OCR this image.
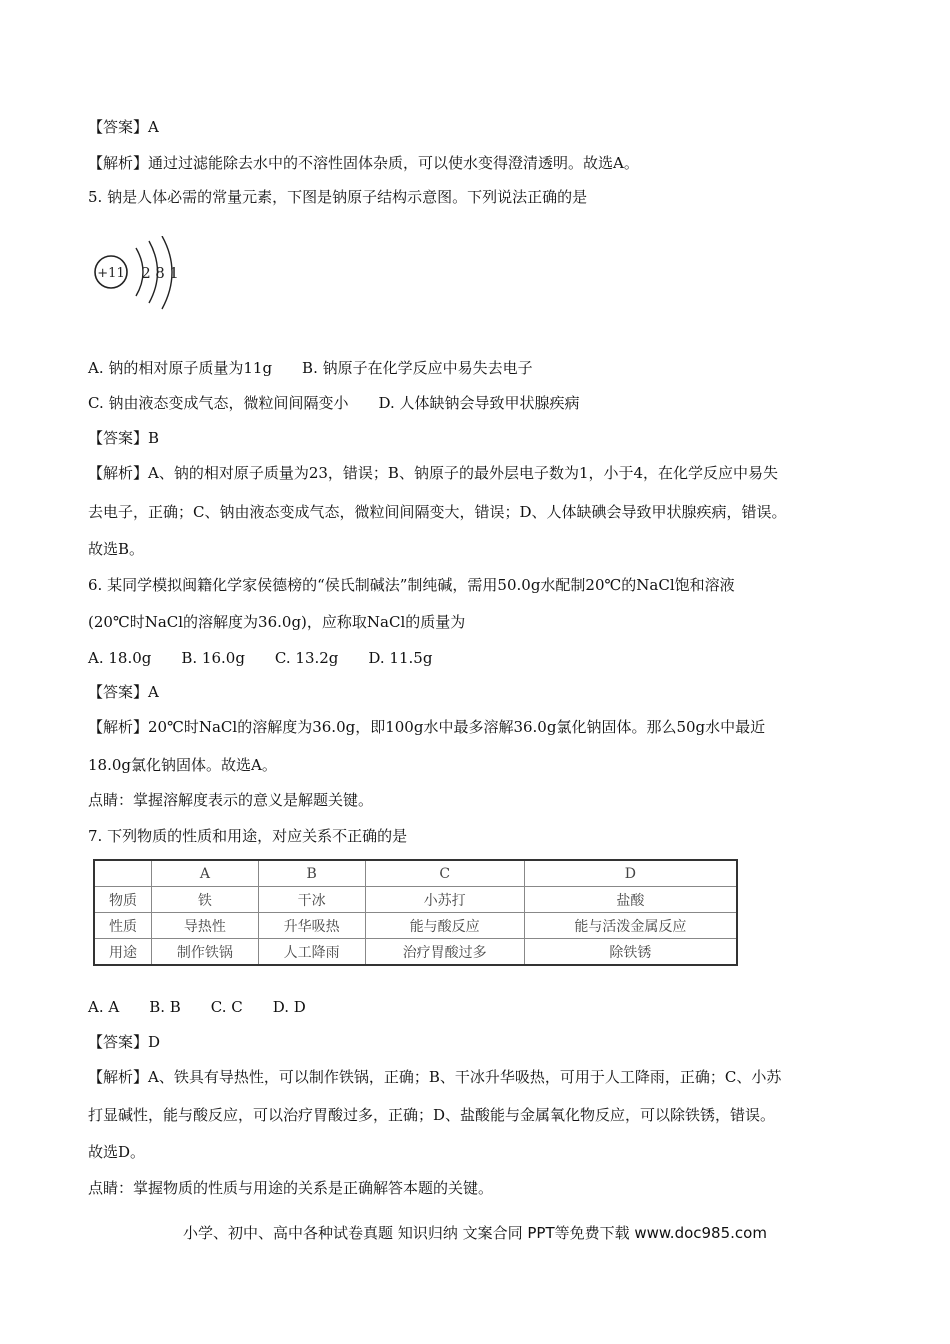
【答案】A
【解析】通过过滤能除去水中的不溶性固体杂质，可以使水变得澄清透明。故选A。
5. 钠是人体必需的常量元素，下图是钠原子结构示意图。下列说法正确的是
+11 2 8 1
A. 钠的相对原子质量为11g　　B. 钠原子在化学反应中易失去电子
C. 钠由液态变成气态，微粒间间隔变小　　D. 人体缺钠会导致甲状腺疾病
【答案】B
【解析】A、钠的相对原子质量为23，错误；B、钠原子的最外层电子数为1，小于4，在化学反应中易失
去电子，正确；C、钠由液态变成气态，微粒间间隔变大，错误；D、人体缺碘会导致甲状腺疾病，错误。
故选B。
6. 某同学模拟闽籍化学家侯德榜的“侯氏制碱法”制纯碱，需用50.0g水配制20℃的NaCl饱和溶液
(20℃时NaCl的溶解度为36.0g)，应称取NaCl的质量为
A. 18.0g　　B. 16.0g　　C. 13.2g　　D. 11.5g
【答案】A
【解析】20℃时NaCl的溶解度为36.0g，即100g水中最多溶解36.0g氯化钠固体。那么50g水中最近
18.0g氯化钠固体。故选A。
点睛：掌握溶解度表示的意义是解题关键。
7. 下列物质的性质和用途，对应关系不正确的是
	A	B	C	D
物质	铁	干冰	小苏打	盐酸
性质	导热性	升华吸热	能与酸反应	能与活泼金属反应
用途	制作铁锅	人工降雨	治疗胃酸过多	除铁锈
A. A　　B. B　　C. C　　D. D
【答案】D
【解析】A、铁具有导热性，可以制作铁锅，正确；B、干冰升华吸热，可用于人工降雨，正确；C、小苏
打显碱性，能与酸反应，可以治疗胃酸过多，正确；D、盐酸能与金属氧化物反应，可以除铁锈，错误。
故选D。
点睛：掌握物质的性质与用途的关系是正确解答本题的关键。
小学、初中、高中各种试卷真题 知识归纳 文案合同 PPT等免费下载 www.doc985.com
